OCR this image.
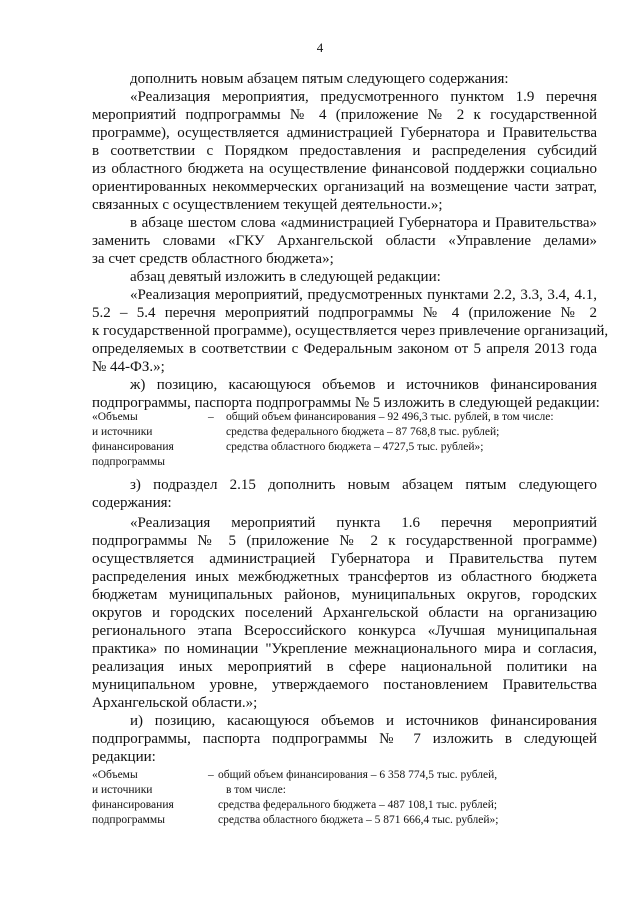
4
дополнить новым абзацем пятым следующего содержания:
«Реализация мероприятия, предусмотренного пунктом 1.9 перечня
мероприятий подпрограммы № 4 (приложение № 2 к государственной
программе), осуществляется администрацией Губернатора и Правительства
в соответствии с Порядком предоставления и распределения субсидий
из областного бюджета на осуществление финансовой поддержки социально
ориентированных некоммерческих организаций на возмещение части затрат,
связанных с осуществлением текущей деятельности.»;
в абзаце шестом слова «администрацией Губернатора и Правительства»
заменить словами «ГКУ Архангельской области «Управление делами»
за счет средств областного бюджета»;
абзац девятый изложить в следующей редакции:
«Реализация мероприятий, предусмотренных пунктами 2.2, 3.3, 3.4, 4.1,
5.2 – 5.4 перечня мероприятий подпрограммы № 4 (приложение № 2
к государственной программе), осуществляется через привлечение организаций,
определяемых в соответствии с Федеральным законом от 5 апреля 2013 года
№ 44-ФЗ.»;
ж) позицию, касающуюся объемов и источников финансирования
подпрограммы, паспорта подпрограммы № 5 изложить в следующей редакции:
«Объемы
и источники
финансирования
подпрограммы
– общий объем финансирования – 92 496,3 тыс. рублей, в том числе:
средства федерального бюджета – 87 768,8 тыс. рублей;
средства областного бюджета – 4727,5 тыс. рублей»;
з) подраздел 2.15 дополнить новым абзацем пятым следующего
содержания:
«Реализация мероприятий пункта 1.6 перечня мероприятий
подпрограммы № 5 (приложение № 2 к государственной программе)
осуществляется администрацией Губернатора и Правительства путем
распределения иных межбюджетных трансфертов из областного бюджета
бюджетам муниципальных районов, муниципальных округов, городских
округов и городских поселений Архангельской области на организацию
регионального этапа Всероссийского конкурса «Лучшая муниципальная
практика» по номинации "Укрепление межнационального мира и согласия,
реализация иных мероприятий в сфере национальной политики на
муниципальном уровне, утверждаемого постановлением Правительства
Архангельской области.»;
и) позицию, касающуюся объемов и источников финансирования
подпрограммы, паспорта подпрограммы № 7 изложить в следующей
редакции:
«Объемы
и источники
финансирования
подпрограммы
– общий объем финансирования – 6 358 774,5 тыс. рублей,
в том числе:
средства федерального бюджета – 487 108,1 тыс. рублей;
средства областного бюджета – 5 871 666,4 тыс. рублей»;
